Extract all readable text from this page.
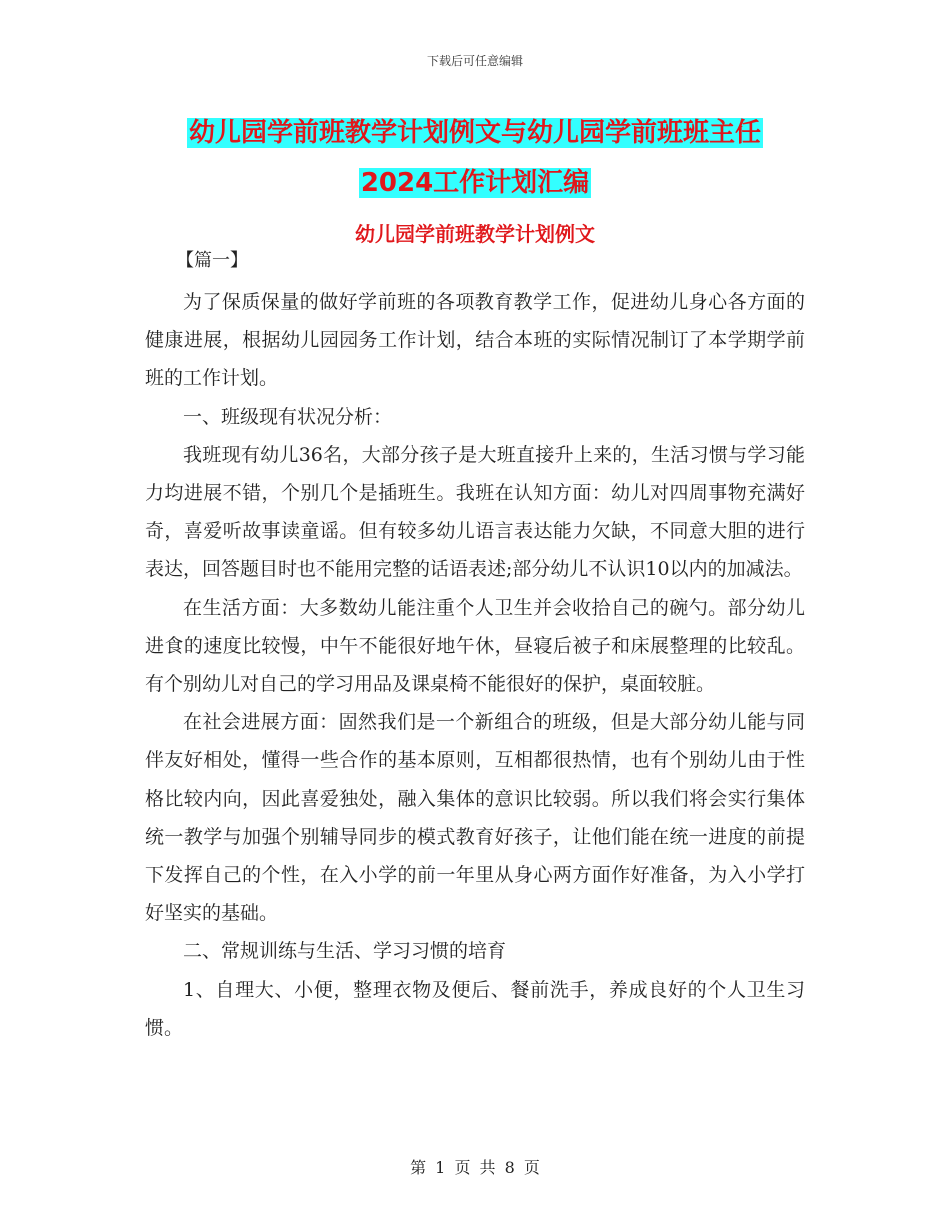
下载后可任意编辑
幼儿园学前班教学计划例文与幼儿园学前班班主任
2024工作计划汇编
幼儿园学前班教学计划例文
【篇一】

为了保质保量的做好学前班的各项教育教学工作，促进幼儿身心各方面的健康进展，根据幼儿园园务工作计划，结合本班的实际情况制订了本学期学前班的工作计划。

一、班级现有状况分析：

我班现有幼儿36名，大部分孩子是大班直接升上来的，生活习惯与学习能力均进展不错，个别几个是插班生。我班在认知方面：幼儿对四周事物充满好奇，喜爱听故事读童谣。但有较多幼儿语言表达能力欠缺，不同意大胆的进行表达，回答题目时也不能用完整的话语表述;部分幼儿不认识10以内的加减法。

在生活方面：大多数幼儿能注重个人卫生并会收拾自己的碗勺。部分幼儿进食的速度比较慢，中午不能很好地午休，昼寝后被子和床展整理的比较乱。有个别幼儿对自己的学习用品及课桌椅不能很好的保护，桌面较脏。

在社会进展方面：固然我们是一个新组合的班级，但是大部分幼儿能与同伴友好相处，懂得一些合作的基本原则，互相都很热情，也有个别幼儿由于性格比较内向，因此喜爱独处，融入集体的意识比较弱。所以我们将会实行集体统一教学与加强个别辅导同步的模式教育好孩子，让他们能在统一进度的前提下发挥自己的个性，在入小学的前一年里从身心两方面作好准备，为入小学打好坚实的基础。

二、常规训练与生活、学习习惯的培育

1、自理大、小便，整理衣物及便后、餐前洗手，养成良好的个人卫生习惯。

第 1 页 共 8 页
